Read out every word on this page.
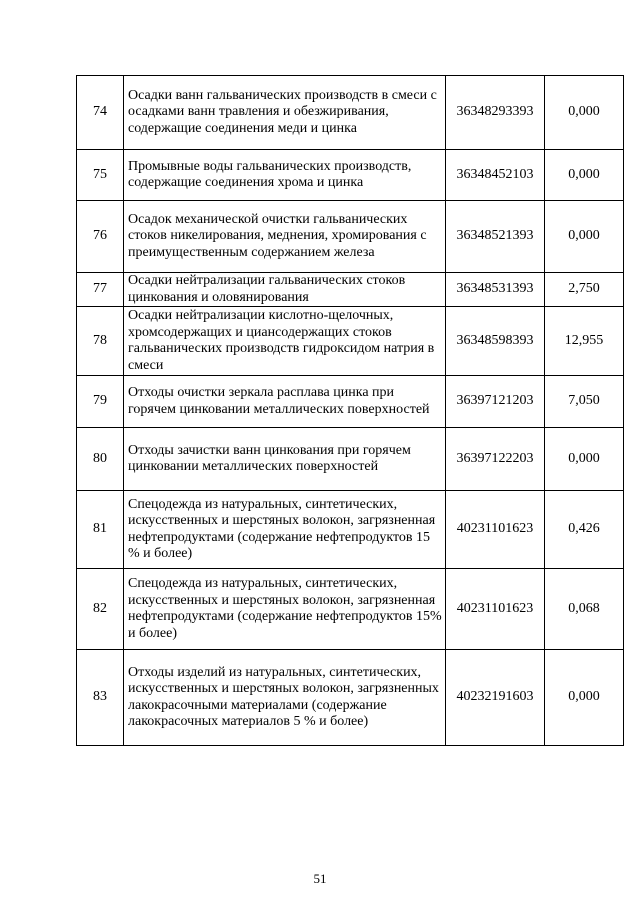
74	Осадки ванн гальванических производств в смеси с осадками ванн травления и обезжиривания, содержащие соединения меди и цинка	36348293393	0,000
75	Промывные воды гальванических производств, содержащие соединения хрома и цинка	36348452103	0,000
76	Осадок механической очистки гальванических стоков никелирования, меднения, хромирования с преимущественным содержанием железа	36348521393	0,000
77	Осадки нейтрализации гальванических стоков цинкования и оловянирования	36348531393	2,750
78	Осадки нейтрализации кислотно-щелочных, хромсодержащих и циансодержащих стоков гальванических производств гидроксидом натрия в смеси	36348598393	12,955
79	Отходы очистки зеркала расплава цинка при горячем цинковании металлических поверхностей	36397121203	7,050
80	Отходы зачистки ванн цинкования при горячем цинковании металлических поверхностей	36397122203	0,000
81	Спецодежда из натуральных, синтетических, искусственных и шерстяных волокон, загрязненная нефтепродуктами (содержание нефтепродуктов 15 % и более)	40231101623	0,426
82	Спецодежда из натуральных, синтетических, искусственных и шерстяных волокон, загрязненная нефтепродуктами (содержание нефтепродуктов 15% и более)	40231101623	0,068
83	Отходы изделий из натуральных, синтетических, искусственных и шерстяных волокон, загрязненных лакокрасочными материалами (содержание лакокрасочных материалов 5 % и более)	40232191603	0,000
51
